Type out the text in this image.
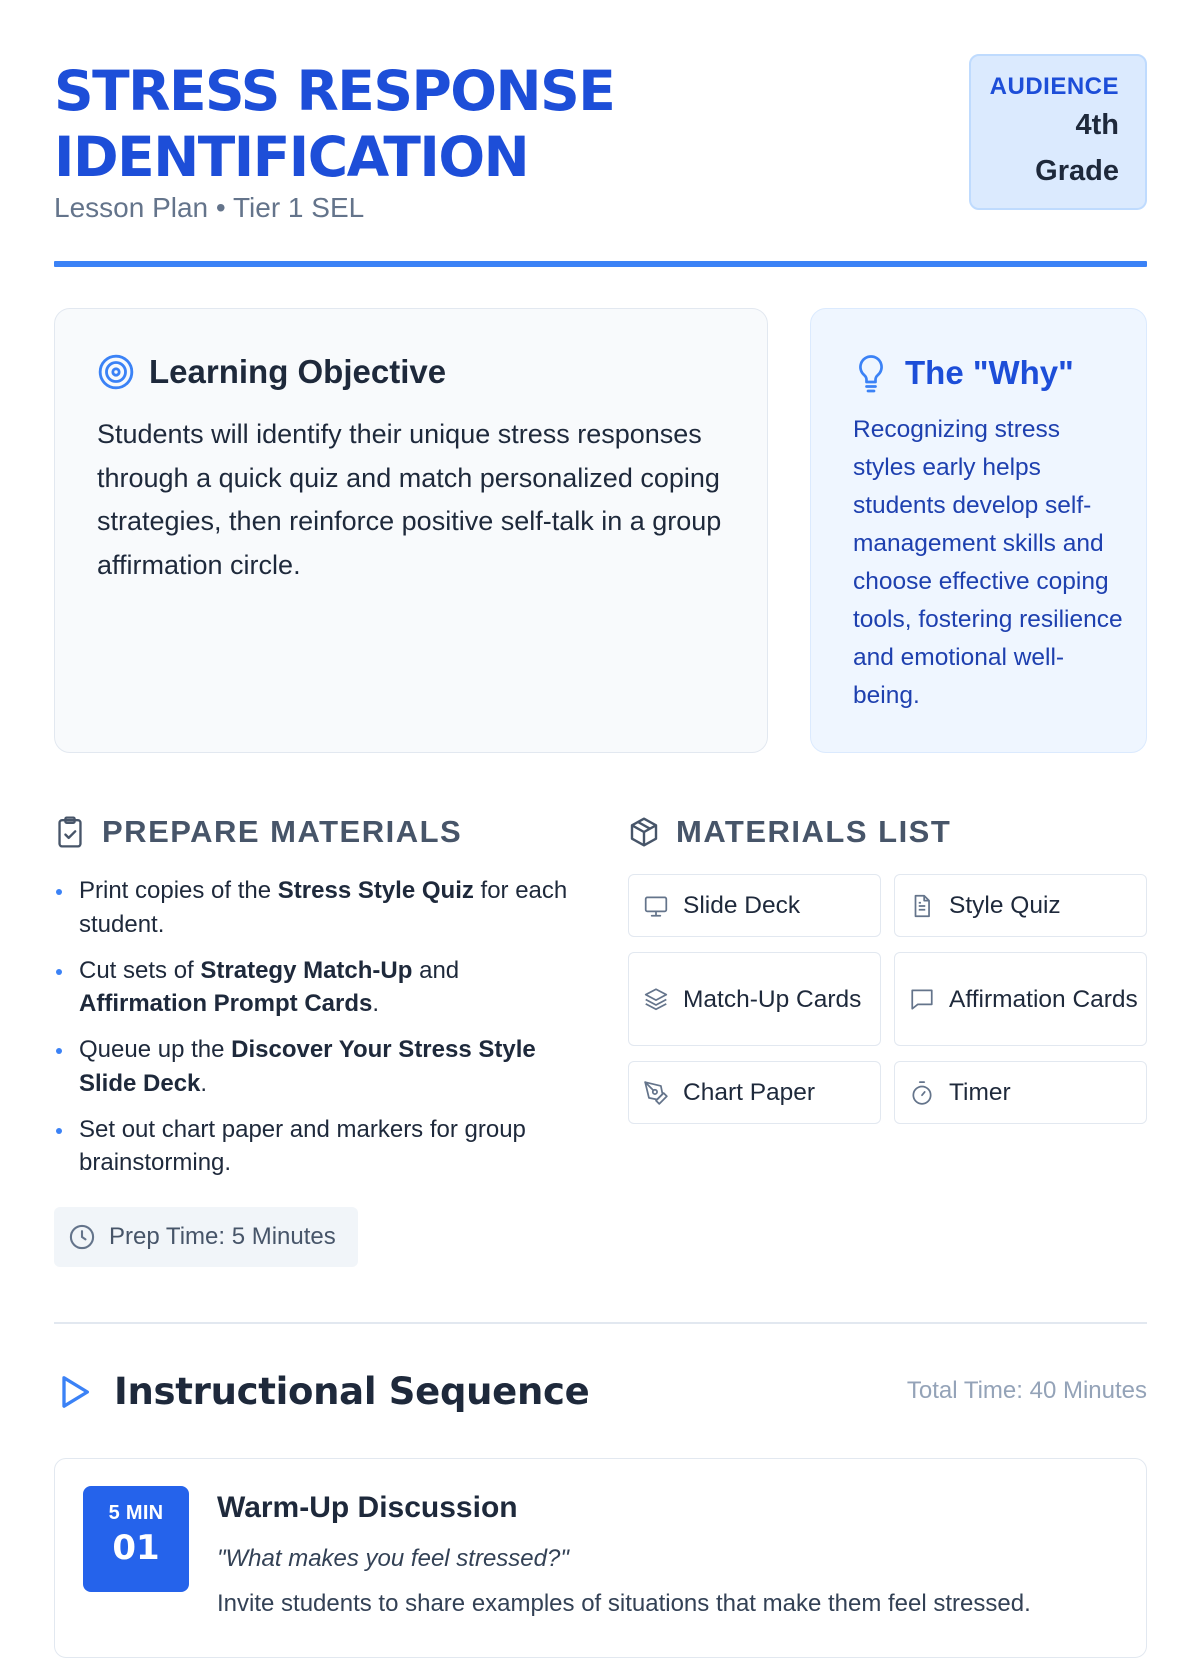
STRESS RESPONSE
IDENTIFICATION
Lesson Plan • Tier 1 SEL
AUDIENCE
4th
Grade
Learning Objective

Students will identify their unique stress responses through a quick quiz and match personalized coping strategies, then reinforce positive self-talk in a group affirmation circle.

The "Why"

Recognizing stress styles early helps students develop self-management skills and choose effective coping tools, fostering resilience and emotional well-being.

PREPARE MATERIALS
Print copies of the Stress Style Quiz for each student.
Cut sets of Strategy Match-Up and Affirmation Prompt Cards.
Queue up the Discover Your Stress Style Slide Deck.
Set out chart paper and markers for group brainstorming.
Prep Time: 5 Minutes
MATERIALS LIST
Slide Deck	Style Quiz
Match-Up Cards	Affirmation Cards
Chart Paper	Timer
Instructional Sequence	Total Time: 40 Minutes
5 MIN
01
Warm-Up Discussion

"What makes you feel stressed?"

Invite students to share examples of situations that make them feel stressed.
